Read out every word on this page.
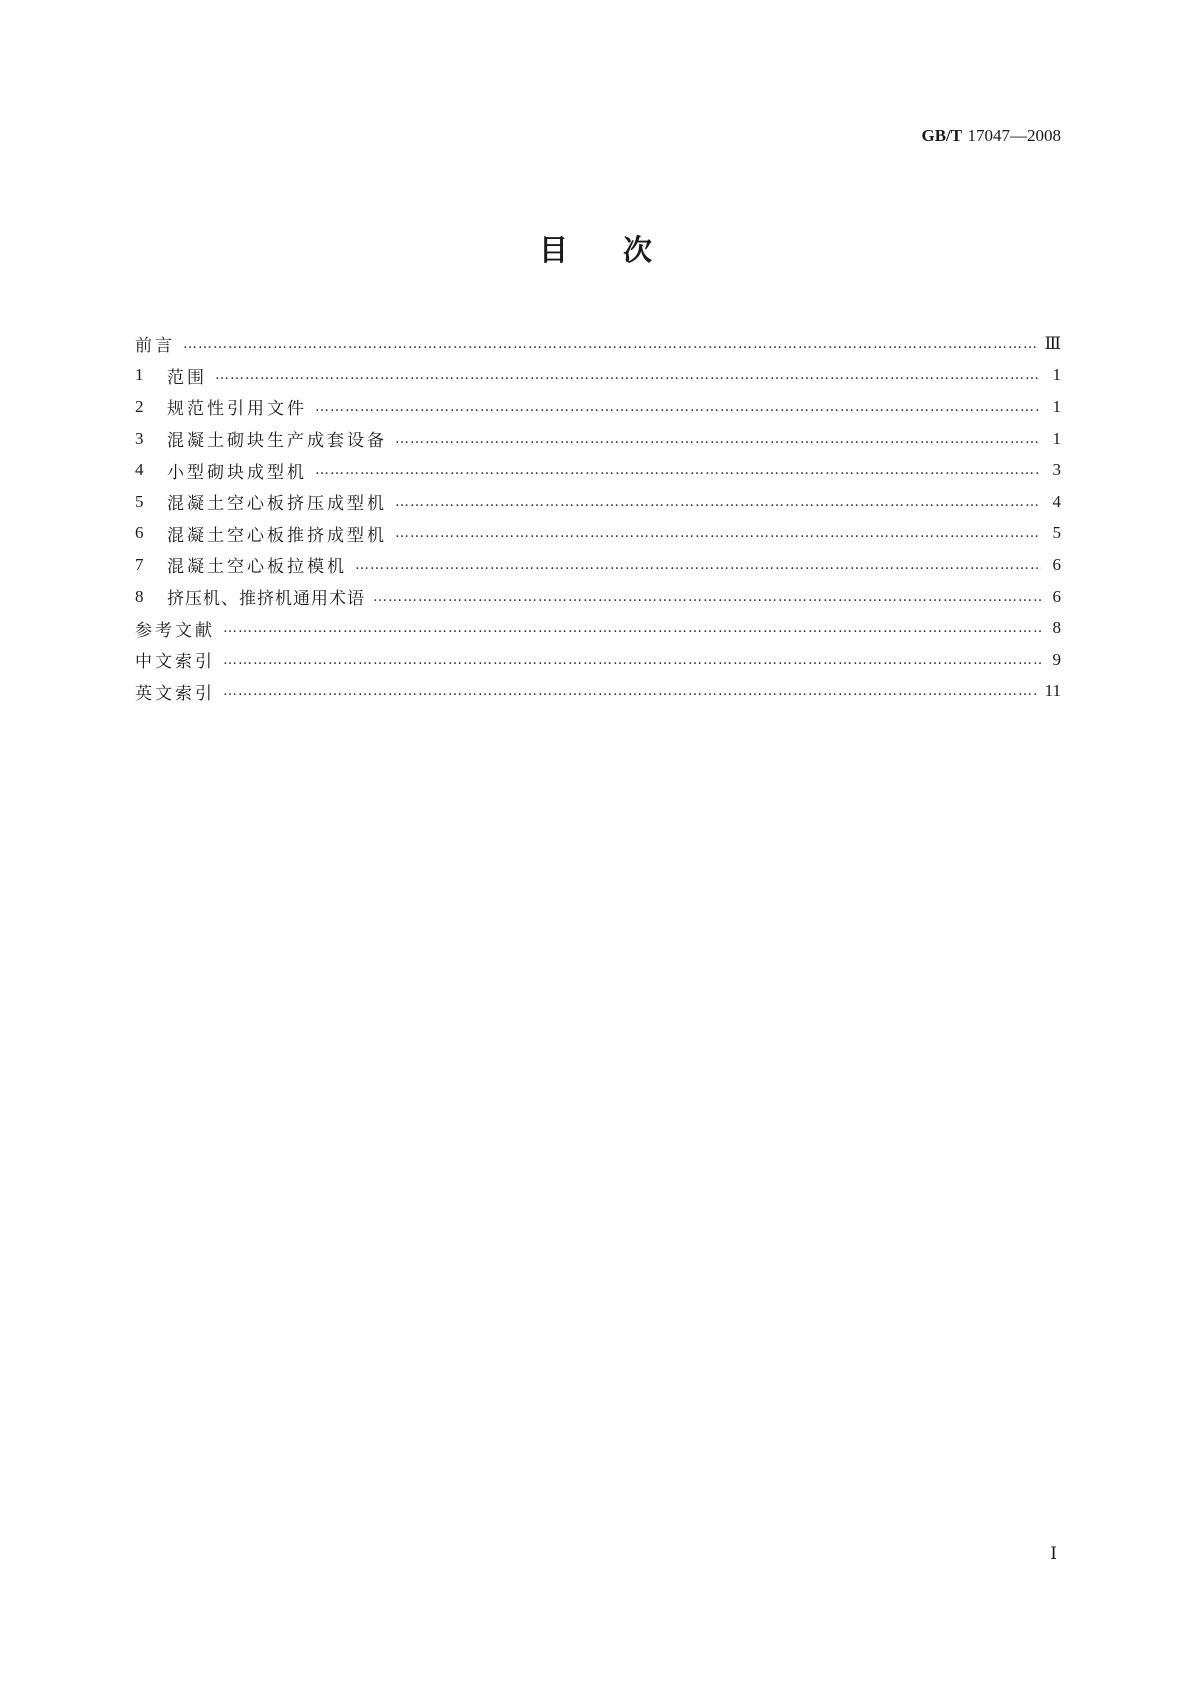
GB/T 17047—2008
目次
前言 …………………………………………………………………………………………………………………………………………………………………………………………………………………………	Ⅲ
1	范围 …………………………………………………………………………………………………………………………………………………………………………………………………………………………	1
2	规范性引用文件 …………………………………………………………………………………………………………………………………………………………………………………………………………………………	1
3	混凝土砌块生产成套设备 …………………………………………………………………………………………………………………………………………………………………………………………………………………………	1
4	小型砌块成型机 …………………………………………………………………………………………………………………………………………………………………………………………………………………………	3
5	混凝土空心板挤压成型机 …………………………………………………………………………………………………………………………………………………………………………………………………………………………	4
6	混凝土空心板推挤成型机 …………………………………………………………………………………………………………………………………………………………………………………………………………………………	5
7	混凝土空心板拉模机 …………………………………………………………………………………………………………………………………………………………………………………………………………………………	6
8	挤压机、推挤机通用术语 …………………………………………………………………………………………………………………………………………………………………………………………………………………………	6
参考文献 …………………………………………………………………………………………………………………………………………………………………………………………………………………………	8
中文索引 …………………………………………………………………………………………………………………………………………………………………………………………………………………………	9
英文索引 …………………………………………………………………………………………………………………………………………………………………………………………………………………………	11
Ⅰ
